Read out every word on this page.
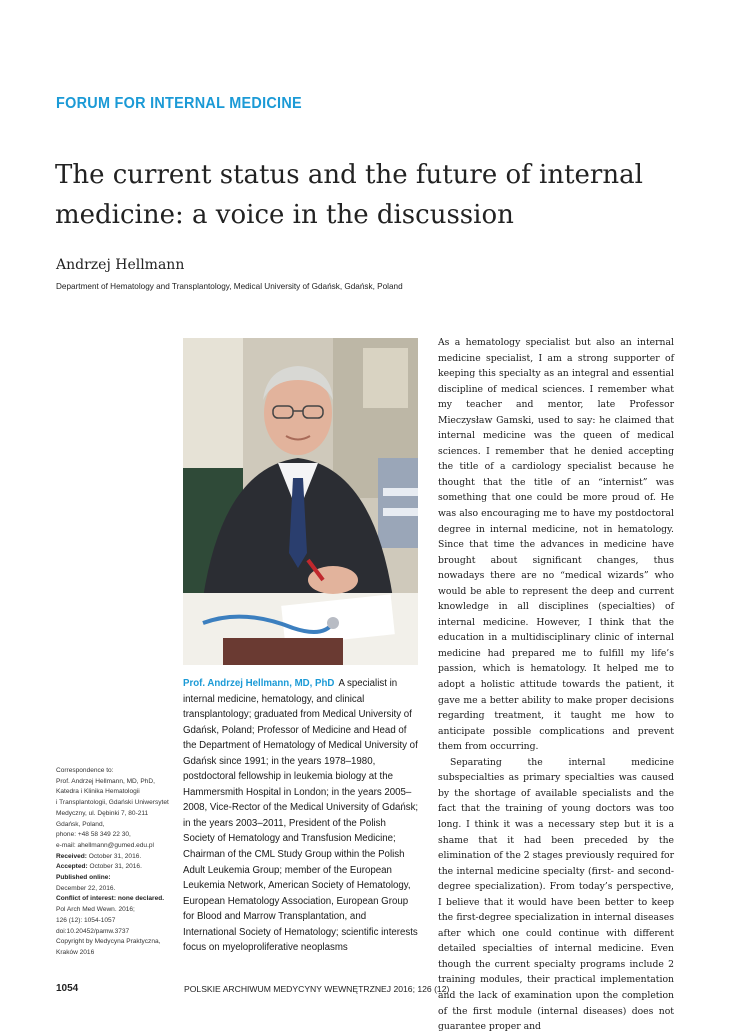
FORUM FOR INTERNAL MEDICINE
The current status and the future of internal medicine: a voice in the discussion
Andrzej Hellmann
Department of Hematology and Transplantology, Medical University of Gdańsk, Gdańsk, Poland
Prof. Andrzej Hellmann, MD, PhD A specialist in internal medicine, hematology, and clinical transplantology; graduated from Medical University of Gdańsk, Poland; Professor of Medicine and Head of the Department of Hematology of Medical University of Gdańsk since 1991; in the years 1978–1980, postdoctoral fellowship in leukemia biology at the Hammersmith Hospital in London; in the years 2005–2008, Vice-Rector of the Medical University of Gdańsk; in the years 2003–2011, President of the Polish Society of Hematology and Transfusion Medicine; Chairman of the CML Study Group within the Polish Adult Leukemia Group; member of the European Leukemia Network, American Society of Hematology, European Hematology Association, European Group for Blood and Marrow Transplantation, and International Society of Hematology; scientific interests focus on myeloproliferative neoplasms
Correspondence to:
Prof. Andrzej Hellmann, MD, PhD,
Katedra i Klinika Hematologii
i Transplantologii, Gdański Uniwersytet
Medyczny, ul. Dębinki 7, 80-211
Gdańsk, Poland,
phone: +48 58 349 22 30,
e-mail: ahellmann@gumed.edu.pl
Received: October 31, 2016.
Accepted: October 31, 2016.
Published online:
December 22, 2016.
Conflict of interest: none declared.
Pol Arch Med Wewn. 2016;
126 (12): 1054-1057
doi:10.20452/pamw.3737
Copyright by Medycyna Praktyczna,
Kraków 2016

As a hematology specialist but also an internal medicine specialist, I am a strong supporter of keeping this specialty as an integral and essential discipline of medical sciences. I remember what my teacher and mentor, late Professor Mieczysław Gamski, used to say: he claimed that internal medicine was the queen of medical sciences. I remember that he denied accepting the title of a cardiology specialist because he thought that the title of an “internist” was something that one could be more proud of. He was also encouraging me to have my postdoctoral degree in internal medicine, not in hematology. Since that time the advances in medicine have brought about significant changes, thus nowadays there are no “medical wizards” who would be able to represent the deep and current knowledge in all disciplines (specialties) of internal medicine. However, I think that the education in a multidisciplinary clinic of internal medicine had prepared me to fulfill my life’s passion, which is hematology. It helped me to adopt a holistic attitude towards the patient, it gave me a better ability to make proper decisions regarding treatment, it taught me how to anticipate possible complications and prevent them from occurring.

Separating the internal medicine subspecialties as primary specialties was caused by the shortage of available specialists and the fact that the training of young doctors was too long. I think it was a necessary step but it is a shame that it had been preceded by the elimination of the 2 stages previously required for the internal medicine specialty (first- and second-degree specialization). From today’s perspective, I believe that it would have been better to keep the first-degree specialization in internal diseases after which one could continue with different detailed specialties of internal medicine. Even though the current specialty programs include 2 training modules, their practical implementation and the lack of examination upon the completion of the first module (internal diseases) does not guarantee proper and

1054	POLSKIE ARCHIWUM MEDYCYNY WEWNĘTRZNEJ 2016; 126 (12)
